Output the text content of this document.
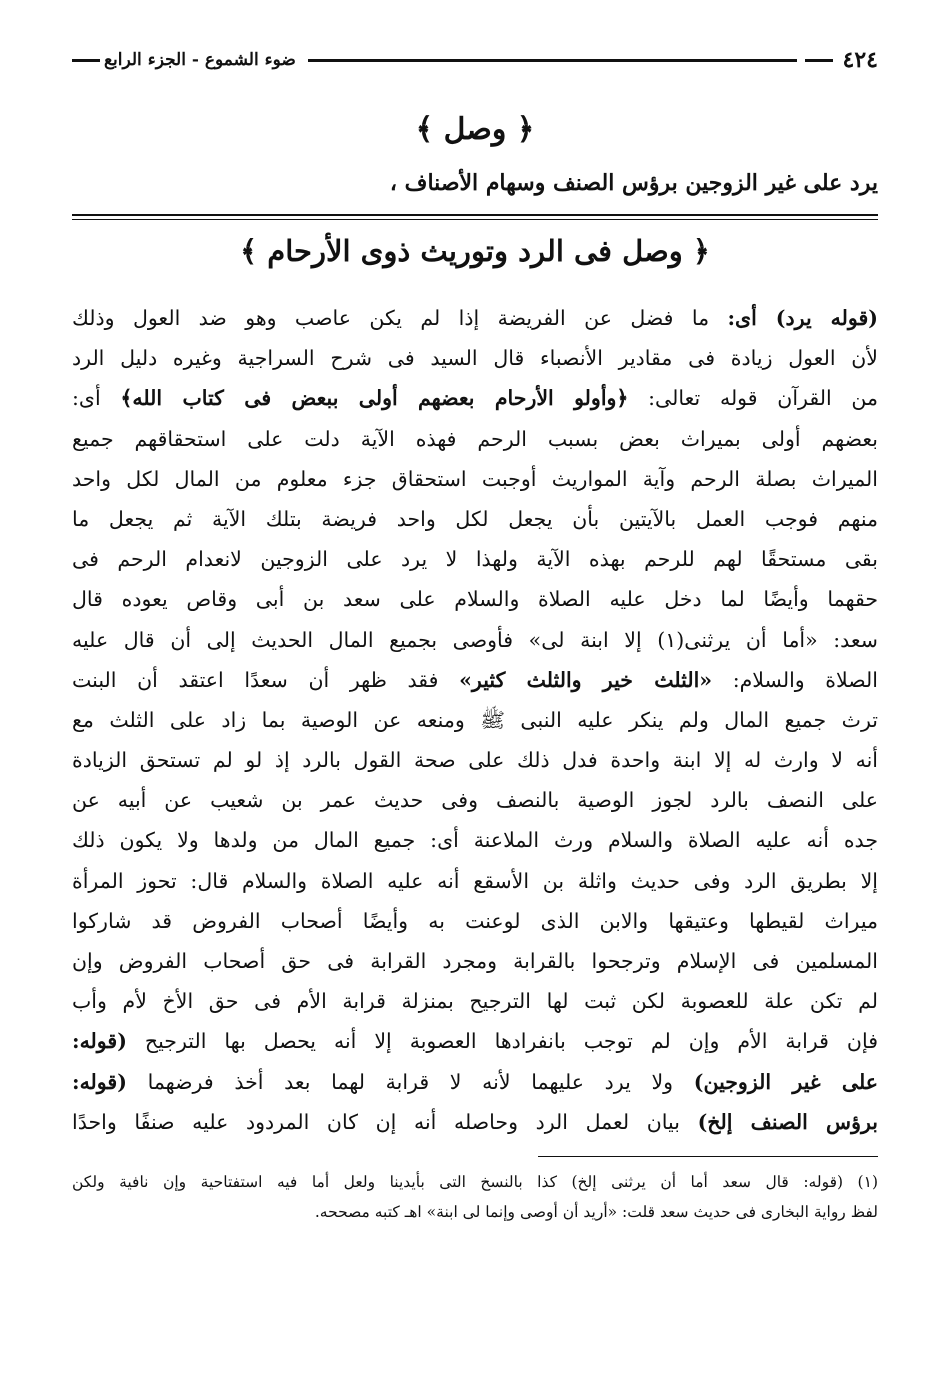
٤٢٤
ضوء الشموع - الجزء الرابع
﴿ وصل ﴾
يرد على غير الزوجين برؤس الصنف وسهام الأصناف ،
﴿ وصل فى الرد وتوريث ذوى الأرحام ﴾
(قوله يرد) أى: ما فضل عن الفريضة إذا لم يكن عاصب وهو ضد العول وذلك
لأن العول زيادة فى مقادير الأنصباء قال السيد فى شرح السراجية وغيره دليل الرد
من القرآن قوله تعالى: ﴿وأولو الأرحام بعضهم أولى ببعض فى كتاب الله﴾ أى:
بعضهم أولى بميراث بعض بسبب الرحم فهذه الآية دلت على استحقاقهم جميع
الميراث بصلة الرحم وآية المواريث أوجبت استحقاق جزء معلوم من المال لكل واحد
منهم فوجب العمل بالآيتين بأن يجعل لكل واحد فريضة بتلك الآية ثم يجعل ما
بقى مستحقًا لهم للرحم بهذه الآية ولهذا لا يرد على الزوجين لانعدام الرحم فى
حقهما وأيضًا لما دخل عليه الصلاة والسلام على سعد بن أبى وقاص يعوده قال
سعد: «أما أن يرثنى(١) إلا ابنة لى» فأوصى بجميع المال الحديث إلى أن قال عليه
الصلاة والسلام: «الثلث خير والثلث كثير» فقد ظهر أن سعدًا اعتقد أن البنت
ترث جميع المال ولم ينكر عليه النبى ﷺ ومنعه عن الوصية بما زاد على الثلث مع
أنه لا وارث له إلا ابنة واحدة فدل ذلك على صحة القول بالرد إذ لو لم تستحق الزيادة
على النصف بالرد لجوز الوصية بالنصف وفى حديث عمر بن شعيب عن أبيه عن
جده أنه عليه الصلاة والسلام ورث الملاعنة أى: جميع المال من ولدها ولا يكون ذلك
إلا بطريق الرد وفى حديث واثلة بن الأسقع أنه عليه الصلاة والسلام قال: تحوز المرأة
ميراث لقيطها وعتيقها والابن الذى لوعنت به وأيضًا أصحاب الفروض قد شاركوا
المسلمين فى الإسلام وترجحوا بالقرابة ومجرد القرابة فى حق أصحاب الفروض وإن
لم تكن علة للعصوبة لكن ثبت لها الترجيح بمنزلة قرابة الأم فى حق الأخ لأم وأب
فإن قرابة الأم وإن لم توجب بانفرادها العصوبة إلا أنه يحصل بها الترجيح (قوله:
على غير الزوجين) ولا يرد عليهما لأنه لا قرابة لهما بعد أخذ فرضهما (قوله:
برؤس الصنف إلخ) بيان لعمل الرد وحاصله أنه إن كان المردود عليه صنفًا واحدًا
(١) (قوله: قال سعد أما أن يرثنى إلخ) كذا بالنسخ التى بأيدينا ولعل أما فيه استفتاحية وإن نافية ولكن
لفظ رواية البخارى فى حديث سعد قلت: «أريد أن أوصى وإنما لى ابنة» اهـ كتبه مصححه.
